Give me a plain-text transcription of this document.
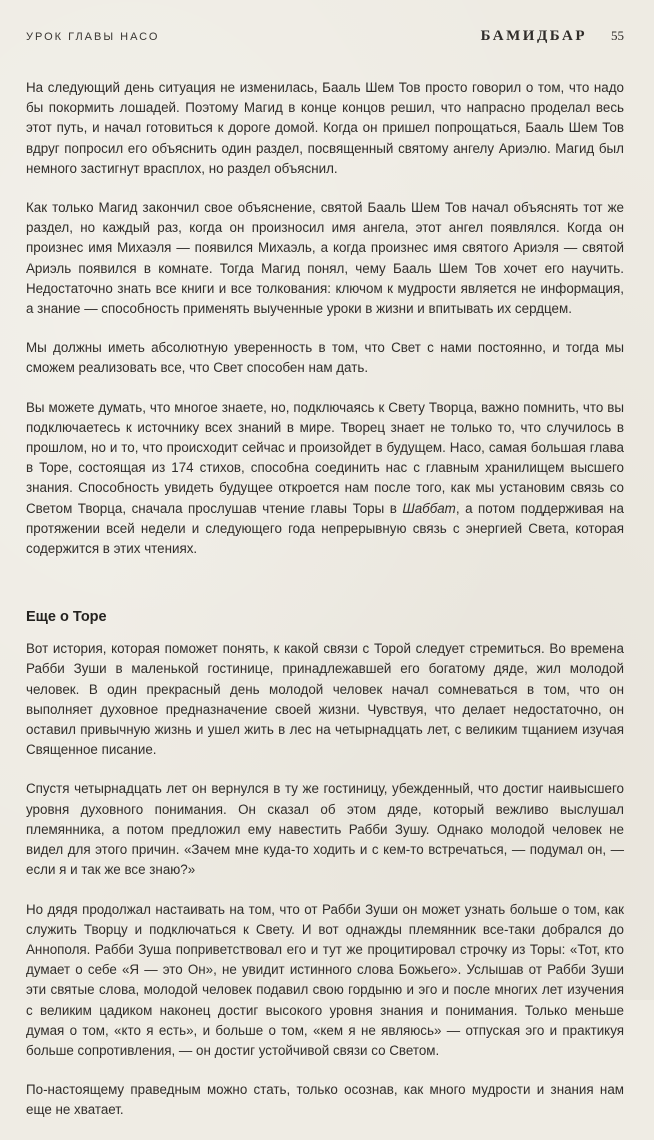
УРОК ГЛАВЫ НАСО	БАМИДБАР 55

На следующий день ситуация не изменилась, Бааль Шем Тов просто говорил о том, что надо бы покормить лошадей. Поэтому Магид в конце концов решил, что напрасно проделал весь этот путь, и начал готовиться к дороге домой. Когда он пришел попрощаться, Бааль Шем Тов вдруг попросил его объяснить один раздел, посвященный святому ангелу Ариэлю. Магид был немного застигнут врасплох, но раздел объяснил.

Как только Магид закончил свое объяснение, святой Бааль Шем Тов начал объяснять тот же раздел, но каждый раз, когда он произносил имя ангела, этот ангел появлялся. Когда он произнес имя Михаэля — появился Михаэль, а когда произнес имя святого Ариэля — святой Ариэль появился в комнате. Тогда Магид понял, чему Бааль Шем Тов хочет его научить. Недостаточно знать все книги и все толкования: ключом к мудрости является не информация, а знание — способность применять выученные уроки в жизни и впитывать их сердцем.

Мы должны иметь абсолютную уверенность в том, что Свет с нами постоянно, и тогда мы сможем реализовать все, что Свет способен нам дать.

Вы можете думать, что многое знаете, но, подключаясь к Свету Творца, важно помнить, что вы подключаетесь к источнику всех знаний в мире. Творец знает не только то, что случилось в прошлом, но и то, что происходит сейчас и произойдет в будущем. Насо, самая большая глава в Торе, состоящая из 174 стихов, способна соединить нас с главным хранилищем высшего знания. Способность увидеть будущее откроется нам после того, как мы установим связь со Светом Творца, сначала прослушав чтение главы Торы в Шаббат, а потом поддерживая на протяжении всей недели и следующего года непрерывную связь с энергией Света, которая содержится в этих чтениях.

Еще о Торе

Вот история, которая поможет понять, к какой связи с Торой следует стремиться. Во времена Рабби Зуши в маленькой гостинице, принадлежавшей его богатому дяде, жил молодой человек. В один прекрасный день молодой человек начал сомневаться в том, что он выполняет духовное предназначение своей жизни. Чувствуя, что делает недостаточно, он оставил привычную жизнь и ушел жить в лес на четырнадцать лет, с великим тщанием изучая Священное писание.

Спустя четырнадцать лет он вернулся в ту же гостиницу, убежденный, что достиг наивысшего уровня духовного понимания. Он сказал об этом дяде, который вежливо выслушал племянника, а потом предложил ему навестить Рабби Зушу. Однако молодой человек не видел для этого причин. «Зачем мне куда-то ходить и с кем-то встречаться, — подумал он, — если я и так же все знаю?»

Но дядя продолжал настаивать на том, что от Рабби Зуши он может узнать больше о том, как служить Творцу и подключаться к Свету. И вот однажды племянник все-таки добрался до Аннополя. Рабби Зуша поприветствовал его и тут же процитировал строчку из Торы: «Тот, кто думает о себе «Я — это Он», не увидит истинного слова Божьего». Услышав от Рабби Зуши эти святые слова, молодой человек подавил свою гордыню и эго и после многих лет изучения с великим цадиком наконец достиг высокого уровня знания и понимания. Только меньше думая о том, «кто я есть», и больше о том, «кем я не являюсь» — отпуская эго и практикуя больше сопротивления, — он достиг устойчивой связи со Светом.

По-настоящему праведным можно стать, только осознав, как много мудрости и знания нам еще не хватает.
